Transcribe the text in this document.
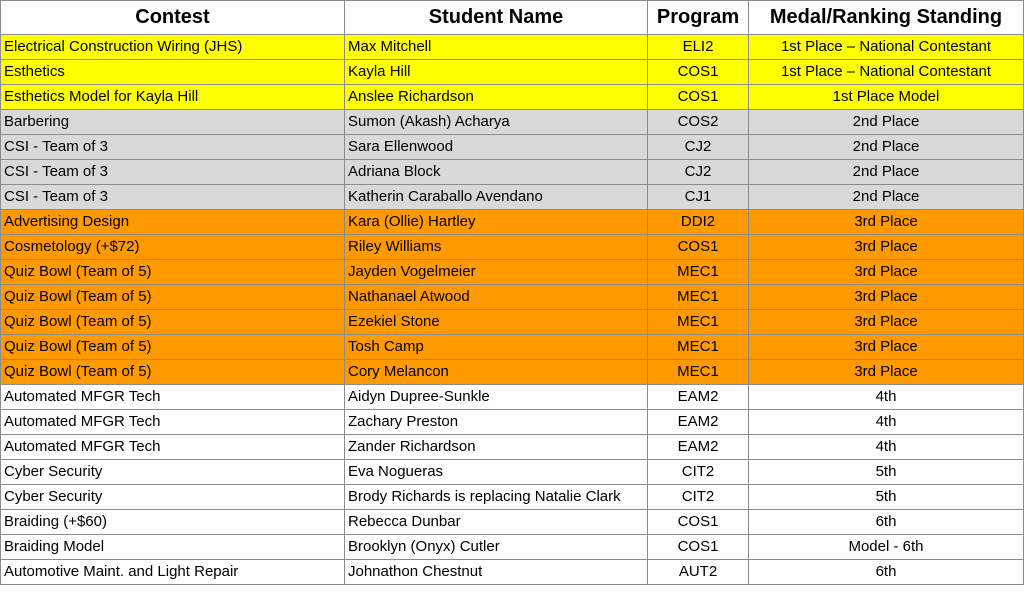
Contest	Student Name	Program	Medal/Ranking Standing
Electrical Construction Wiring (JHS)	Max Mitchell	ELI2	1st Place – National Contestant
Esthetics	Kayla Hill	COS1	1st Place – National Contestant
Esthetics Model for Kayla Hill	Anslee Richardson	COS1	1st Place Model
Barbering	Sumon (Akash) Acharya	COS2	2nd Place
CSI - Team of 3	Sara Ellenwood	CJ2	2nd Place
CSI - Team of 3	Adriana Block	CJ2	2nd Place
CSI - Team of 3	Katherin Caraballo Avendano	CJ1	2nd Place
Advertising Design	Kara (Ollie) Hartley	DDI2	3rd Place
Cosmetology (+$72)	Riley Williams	COS1	3rd Place
Quiz Bowl (Team of 5)	Jayden Vogelmeier	MEC1	3rd Place
Quiz Bowl (Team of 5)	Nathanael Atwood	MEC1	3rd Place
Quiz Bowl (Team of 5)	Ezekiel Stone	MEC1	3rd Place
Quiz Bowl (Team of 5)	Tosh Camp	MEC1	3rd Place
Quiz Bowl (Team of 5)	Cory Melancon	MEC1	3rd Place
Automated MFGR Tech	Aidyn Dupree-Sunkle	EAM2	4th
Automated MFGR Tech	Zachary Preston	EAM2	4th
Automated MFGR Tech	Zander Richardson	EAM2	4th
Cyber Security	Eva Nogueras	CIT2	5th
Cyber Security	Brody Richards is replacing Natalie Clark	CIT2	5th
Braiding (+$60)	Rebecca Dunbar	COS1	6th
Braiding Model	Brooklyn (Onyx) Cutler	COS1	Model - 6th
Automotive Maint. and Light Repair	Johnathon Chestnut	AUT2	6th
